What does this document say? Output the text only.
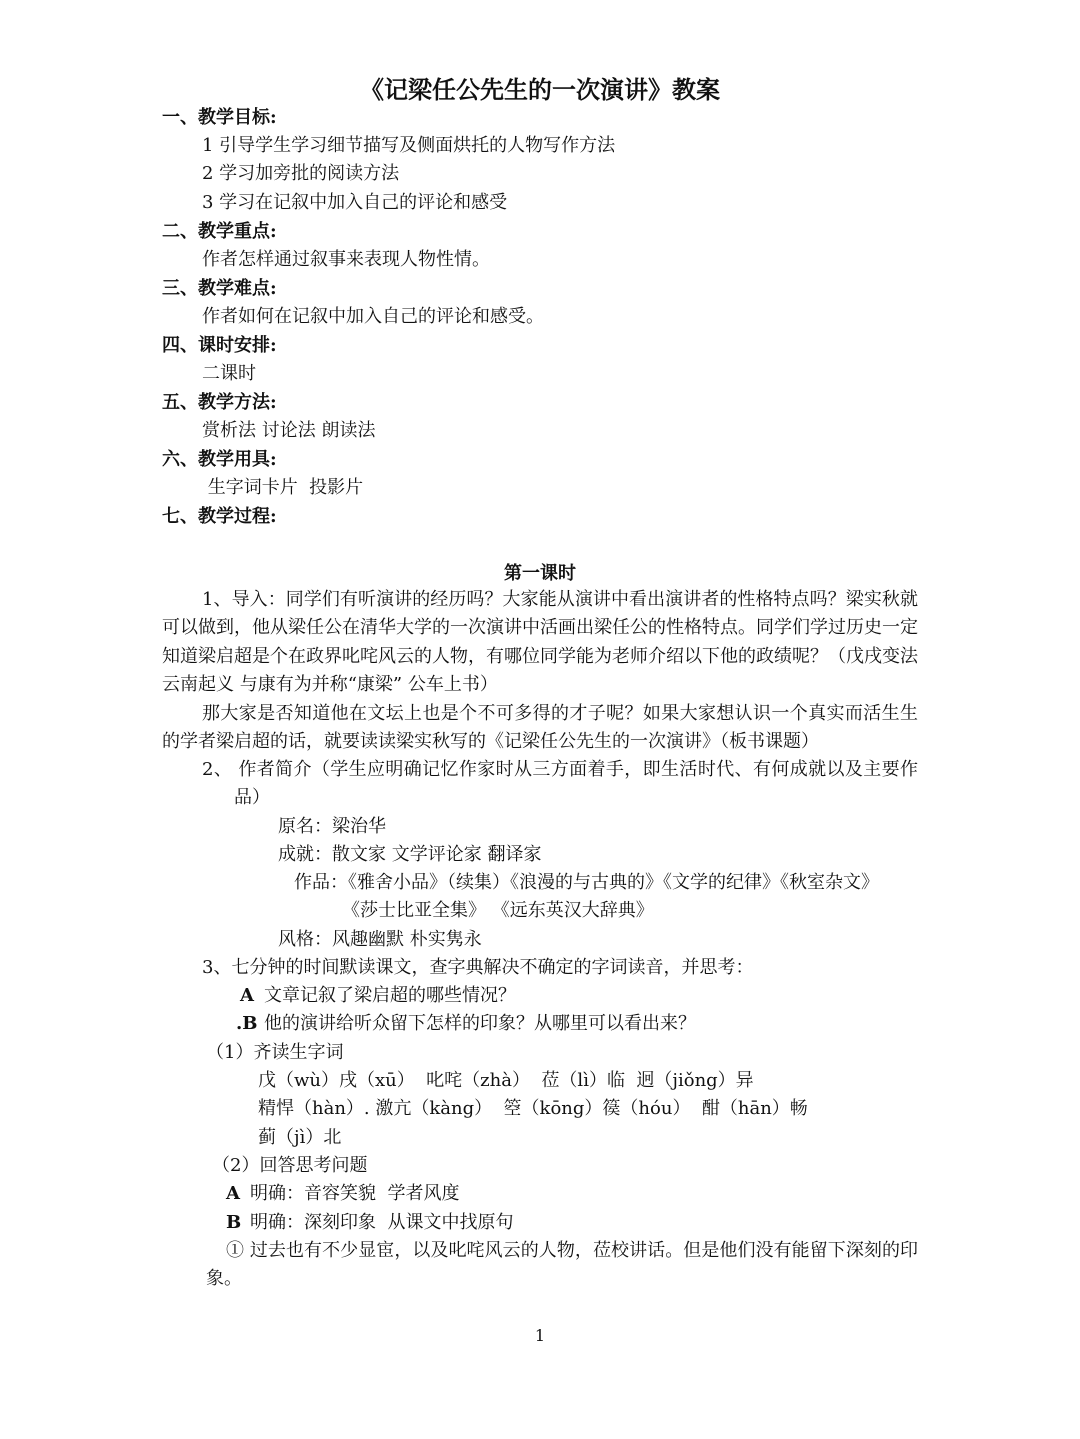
《记梁任公先生的一次演讲》教案
一、教学目标:
1 引导学生学习细节描写及侧面烘托的人物写作方法
2 学习加旁批的阅读方法
3 学习在记叙中加入自己的评论和感受
二、教学重点:
作者怎样通过叙事来表现人物性情。
三、教学难点:
作者如何在记叙中加入自己的评论和感受。
四、课时安排:
二课时
五、教学方法:
赏析法 讨论法 朗读法
六、教学用具:
生字词卡片  投影片
七、教学过程:
第一课时
1、导入：同学们有听演讲的经历吗？大家能从演讲中看出演讲者的性格特点吗？梁实秋就可以做到，他从梁任公在清华大学的一次演讲中活画出梁任公的性格特点。同学们学过历史一定知道梁启超是个在政界叱咤风云的人物，有哪位同学能为老师介绍以下他的政绩呢？（戊戌变法 云南起义 与康有为并称“康梁” 公车上书）
那大家是否知道他在文坛上也是个不可多得的才子呢？如果大家想认识一个真实而活生生的学者梁启超的话，就要读读梁实秋写的《记梁任公先生的一次演讲》（板书课题）
2、 作者简介（学生应明确记忆作家时从三方面着手，即生活时代、有何成就以及主要作品）
原名：梁治华
成就：散文家 文学评论家 翻译家
作品：《雅舍小品》（续集）《浪漫的与古典的》《文学的纪律》《秋室杂文》
《莎士比亚全集》 《远东英汉大辞典》
风格：风趣幽默 朴实隽永
3、七分钟的时间默读课文，查字典解决不确定的字词读音，并思考：
A 文章记叙了梁启超的哪些情况？
.B 他的演讲给听众留下怎样的印象？从哪里可以看出来？
（1）齐读生字词
戊（wù）戌（xū）  叱咤（zhà）  莅（lì）临  迥（jiǒng）异
精悍（hàn）. 激亢（kàng）  箜（kōng）篌（hóu）  酣（hān）畅
蓟（jì）北
（2）回答思考问题
A 明确：音容笑貌  学者风度
B 明确：深刻印象  从课文中找原句
① 过去也有不少显宦，以及叱咤风云的人物，莅校讲话。但是他们没有能留下深刻的印象。
1
